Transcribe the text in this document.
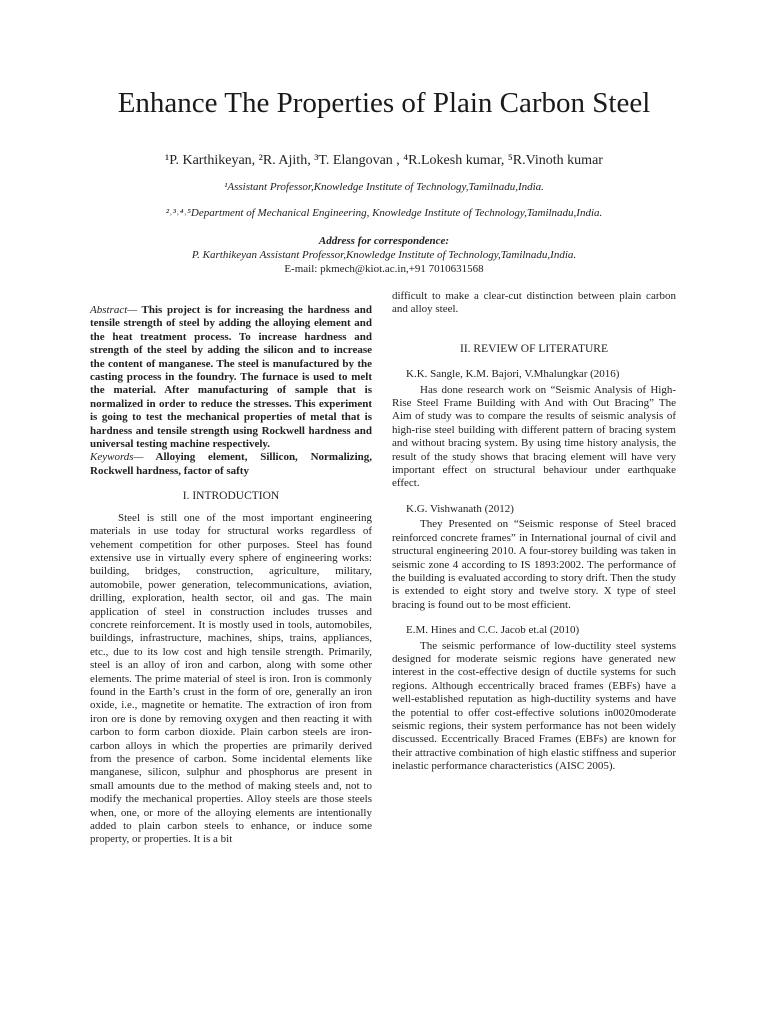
Enhance The Properties of Plain Carbon Steel
¹P. Karthikeyan, ²R. Ajith, ³T. Elangovan , ⁴R.Lokesh kumar, ⁵R.Vinoth kumar
¹Assistant Professor,Knowledge Institute of Technology,Tamilnadu,India.
²˒³˒⁴˒⁵Department of Mechanical Engineering, Knowledge Institute of Technology,Tamilnadu,India.
Address for correspondence:
P. Karthikeyan Assistant Professor,Knowledge Institute of Technology,Tamilnadu,India.
E-mail: pkmech@kiot.ac.in,+91 7010631568

Abstract— This project is for increasing the hardness and tensile strength of steel by adding the alloying element and the heat treatment process. To increase hardness and strength of the steel by adding the silicon and to increase the content of manganese. The steel is manufactured by the casting process in the foundry. The furnace is used to melt the material. After manufacturing of sample that is normalized in order to reduce the stresses. This experiment is going to test the mechanical properties of metal that is hardness and tensile strength using Rockwell hardness and universal testing machine respectively.

Keywords— Alloying element, Sillicon, Normalizing, Rockwell hardness, factor of safty

I. INTRODUCTION

Steel is still one of the most important engineering materials in use today for structural works regardless of vehement competition for other purposes. Steel has found extensive use in virtually every sphere of engineering works: building, bridges, construction, agriculture, military, automobile, power generation, telecommunications, aviation, drilling, exploration, health sector, oil and gas. The main application of steel in construction includes trusses and concrete reinforcement. It is mostly used in tools, automobiles, buildings, infrastructure, machines, ships, trains, appliances, etc., due to its low cost and high tensile strength. Primarily, steel is an alloy of iron and carbon, along with some other elements. The prime material of steel is iron. Iron is commonly found in the Earth’s crust in the form of ore, generally an iron oxide, i.e., magnetite or hematite. The extraction of iron from iron ore is done by removing oxygen and then reacting it with carbon to form carbon dioxide. Plain carbon steels are iron-carbon alloys in which the properties are primarily derived from the presence of carbon. Some incidental elements like manganese, silicon, sulphur and phosphorus are present in small amounts due to the method of making steels and, not to modify the mechanical properties. Alloy steels are those steels when, one, or more of the alloying elements are intentionally added to plain carbon steels to enhance, or induce some property, or properties. It is a bit

difficult to make a clear-cut distinction between plain carbon and alloy steel.

II. REVIEW OF LITERATURE

K.K. Sangle, K.M. Bajori, V.Mhalungkar (2016)

Has done research work on “Seismic Analysis of High-Rise Steel Frame Building with And with Out Bracing” The Aim of study was to compare the results of seismic analysis of high-rise steel building with different pattern of bracing system and without bracing system. By using time history analysis, the result of the study shows that bracing element will have very important effect on structural behaviour under earthquake effect.

K.G. Vishwanath (2012)

They Presented on “Seismic response of Steel braced reinforced concrete frames” in International journal of civil and structural engineering 2010. A four-storey building was taken in seismic zone 4 according to IS 1893:2002. The performance of the building is evaluated according to story drift. Then the study is extended to eight story and twelve story. X type of steel bracing is found out to be most efficient.

E.M. Hines and C.C. Jacob et.al (2010)

The seismic performance of low-ductility steel systems designed for moderate seismic regions have generated new interest in the cost-effective design of ductile systems for such regions. Although eccentrically braced frames (EBFs) have a well-established reputation as high-ductility systems and have the potential to offer cost-effective solutions in0020moderate seismic regions, their system performance has not been widely discussed. Eccentrically Braced Frames (EBFs) are known for their attractive combination of high elastic stiffness and superior inelastic performance characteristics (AISC 2005).
